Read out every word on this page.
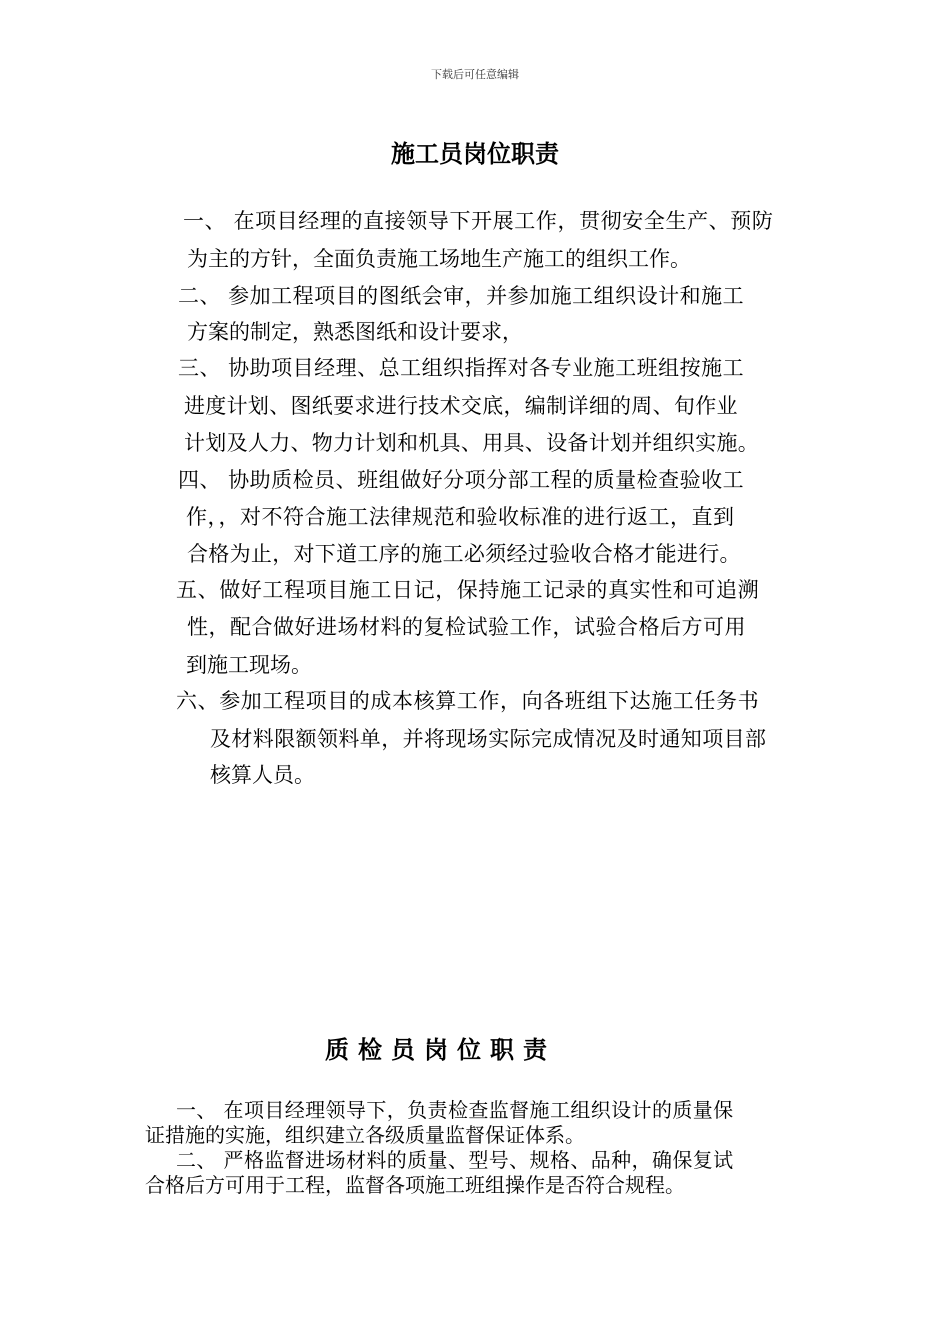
下载后可任意编辑
施工员岗位职责
一、 在项目经理的直接领导下开展工作，贯彻安全生产、预防
为主的方针，全面负责施工场地生产施工的组织工作。
二、 参加工程项目的图纸会审，并参加施工组织设计和施工
方案的制定，熟悉图纸和设计要求，
三、 协助项目经理、总工组织指挥对各专业施工班组按施工
进度计划、图纸要求进行技术交底，编制详细的周、旬作业
计划及人力、物力计划和机具、用具、设备计划并组织实施。
四、 协助质检员、班组做好分项分部工程的质量检查验收工
作，，对不符合施工法律规范和验收标准的进行返工，直到
合格为止，对下道工序的施工必须经过验收合格才能进行。
五、做好工程项目施工日记，保持施工记录的真实性和可追溯
性，配合做好进场材料的复检试验工作，试验合格后方可用
到施工现场。
六、参加工程项目的成本核算工作，向各班组下达施工任务书
及材料限额领料单，并将现场实际完成情况及时通知项目部
核算人员。
质检员岗位职责
一、 在项目经理领导下，负责检查监督施工组织设计的质量保
证措施的实施，组织建立各级质量监督保证体系。
二、 严格监督进场材料的质量、型号、规格、品种，确保复试
合格后方可用于工程，监督各项施工班组操作是否符合规程。
